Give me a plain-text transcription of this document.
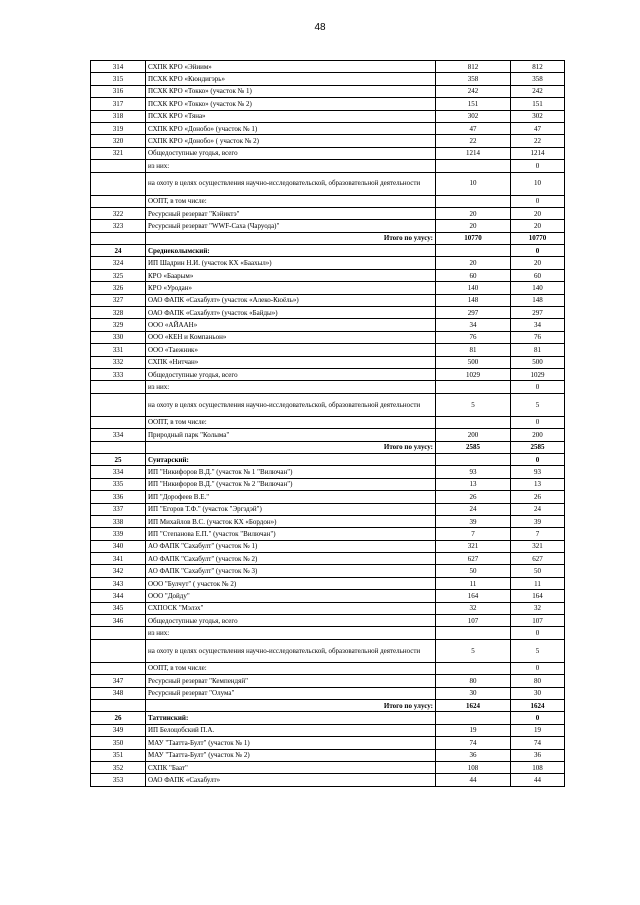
48
314	СХПК КРО «Эйиим»	812	812
315	ПСХК КРО «Кюндигэрь»	358	358
316	ПСХК КРО «Токко» (участок № 1)	242	242
317	ПСХК КРО «Токко» (участок № 2)	151	151
318	ПСХК КРО «Тяна»	302	302
319	СХПК КРО «Донобо» (участок № 1)	47	47
320	СХПК КРО «Донобо» ( участок № 2)	22	22
321	Общедоступные угодья, всего	1214	1214
	из них:		0
	на охоту в целях осуществления научно-исследовательской, образовательной деятельности	10	10
	ООПТ, в том числе:		0
322	Ресурсный резерват "Кэйиктэ"	20	20
323	Ресурсный резерват "WWF-Саха (Чаруода)"	20	20
	Итого по улусу:	10770	10770
24	Среднеколымский:		0
324	ИП Шадрин Н.И. (участок КХ «Баахыл»)	20	20
325	КРО «Баарым»	60	60
326	КРО «Уродан»	140	140
327	ОАО ФАПК «Сахабулт» (участок «Алеко-Кюёль»)	148	148
328	ОАО ФАПК «Сахабулт» (участок «Байды»)	297	297
329	ООО «АЙААН»	34	34
330	ООО «КЕН и Компаньон»	76	76
331	ООО «Таежник»	81	81
332	СХПК «Нитчан»	500	500
333	Общедоступные угодья, всего	1029	1029
	из них:		0
	на охоту в целях осуществления научно-исследовательской, образовательной деятельности	5	5
	ООПТ, в том числе:		0
334	Природный парк "Колыма"	200	200
	Итого по улусу:	2585	2585
25	Сунтарский:		0
334	ИП "Никифоров В.Д." (участок № 1 "Вилючан")	93	93
335	ИП "Никифоров В.Д." (участок № 2 "Вилючан")	13	13
336	ИП "Дорофеев В.Е."	26	26
337	ИП "Егоров Т.Ф." (участок "Эргэдэй")	24	24
338	ИП Михайлов В.С. (участок КХ «Бордон»)	39	39
339	ИП "Степанова Е.П." (участок "Вилючан")	7	7
340	АО ФАПК "Сахабулт" (участок № 1)	321	321
341	АО ФАПК "Сахабулт" (участок № 2)	627	627
342	АО ФАПК "Сахабулт" (участок № 3)	50	50
343	ООО "Булчут" ( участок № 2)	11	11
344	ООО "Дойду"	164	164
345	СХПОСК "Мэлэх"	32	32
346	Общедоступные угодья, всего	107	107
	из них:		0
	на охоту в целях осуществления научно-исследовательской, образовательной деятельности	5	5
	ООПТ, в том числе:		0
347	Ресурсный резерват "Кемпендяй"	80	80
348	Ресурсный резерват "Олума"	30	30
	Итого по улусу:	1624	1624
26	Таттинский:		0
349	ИП Белоцобский П.А.	19	19
350	МАУ "Таатта-Булт" (участок № 1)	74	74
351	МАУ "Таатта-Булт" (участок № 2)	36	36
352	СХПК "Баат"	108	108
353	ОАО ФАПК «Сахабулт»	44	44
